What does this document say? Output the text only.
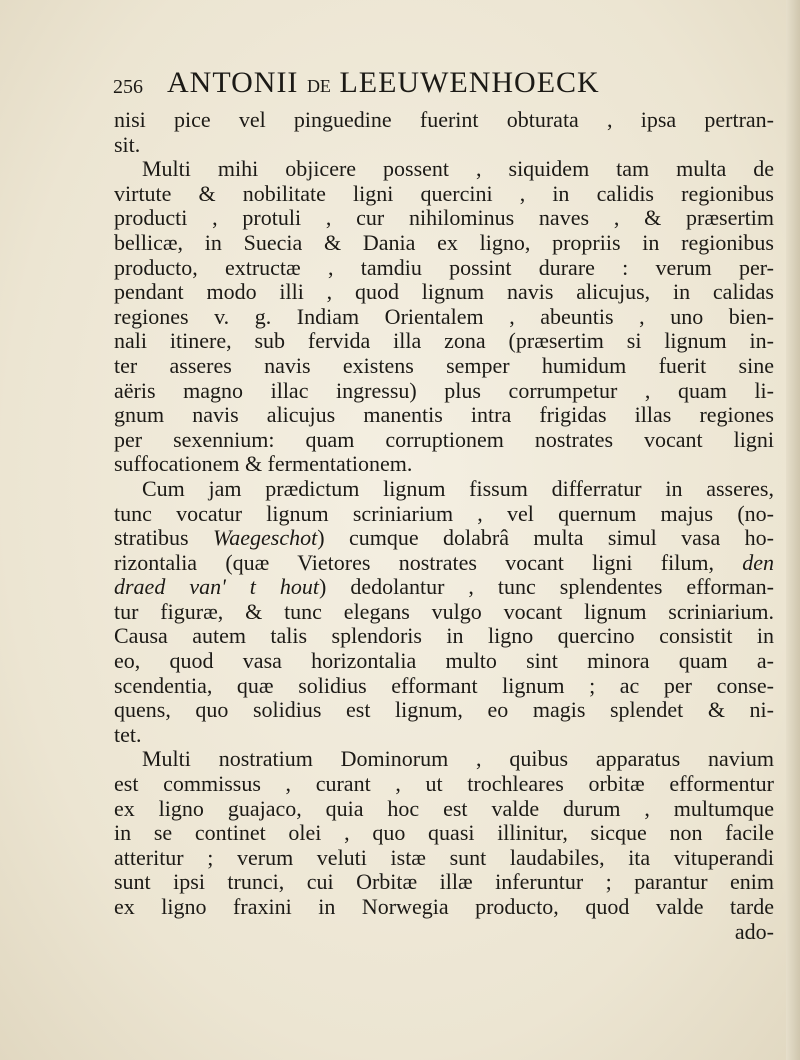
256 ANTONII DE LEEUWENHOECK
nisi pice vel pinguedine fuerint obturata , ipsa pertran-
sit.
Multi mihi objicere possent , siquidem tam multa de
virtute & nobilitate ligni quercini , in calidis regionibus
producti , protuli , cur nihilominus naves , & præsertim
bellicæ, in Suecia & Dania ex ligno, propriis in regionibus
producto, extructæ , tamdiu possint durare : verum per-
pendant modo illi , quod lignum navis alicujus, in calidas
regiones v. g. Indiam Orientalem , abeuntis , uno bien-
nali itinere, sub fervida illa zona (præsertim si lignum in-
ter asseres navis existens semper humidum fuerit sine
aëris magno illac ingressu) plus corrumpetur , quam li-
gnum navis alicujus manentis intra frigidas illas regiones
per sexennium: quam corruptionem nostrates vocant ligni
suffocationem & fermentationem.
Cum jam prædictum lignum fissum differratur in asseres,
tunc vocatur lignum scriniarium , vel quernum majus (no-
stratibus Waegeschot) cumque dolabrâ multa simul vasa ho-
rizontalia (quæ Vietores nostrates vocant ligni filum, den
draed van' t hout) dedolantur , tunc splendentes efforman-
tur figuræ, & tunc elegans vulgo vocant lignum scriniarium.
Causa autem talis splendoris in ligno quercino consistit in
eo, quod vasa horizontalia multo sint minora quam a-
scendentia, quæ solidius efformant lignum ; ac per conse-
quens, quo solidius est lignum, eo magis splendet & ni-
tet.
Multi nostratium Dominorum , quibus apparatus navium
est commissus , curant , ut trochleares orbitæ efformentur
ex ligno guajaco, quia hoc est valde durum , multumque
in se continet olei , quo quasi illinitur, sicque non facile
atteritur ; verum veluti istæ sunt laudabiles, ita vituperandi
sunt ipsi trunci, cui Orbitæ illæ inferuntur ; parantur enim
ex ligno fraxini in Norwegia producto, quod valde tarde
ado-
